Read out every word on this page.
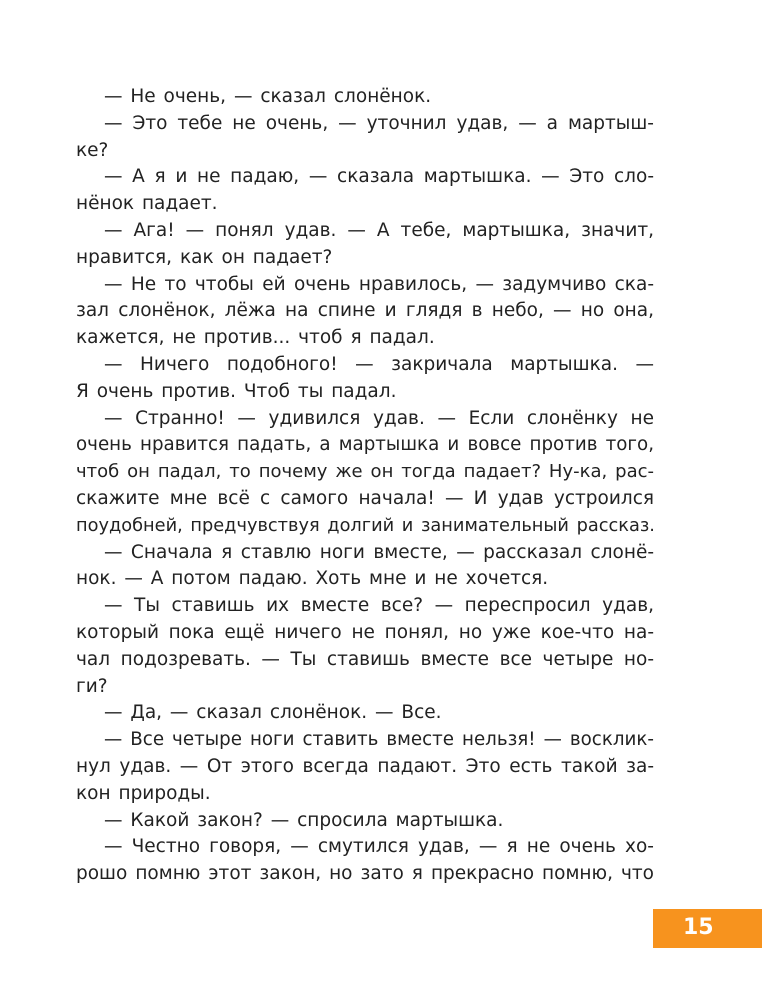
— Не очень, — сказал слонёнок.
— Это тебе не очень, — уточнил удав, — а мартыш-
ке?
— А я и не падаю, — сказала мартышка. — Это сло-
нёнок падает.
— Ага! — понял удав. — А тебе, мартышка, значит,
нравится, как он падает?
— Не то чтобы ей очень нравилось, — задумчиво ска-
зал слонёнок, лёжа на спине и глядя в небо, — но она,
кажется, не против... чтоб я падал.
— Ничего подобного! — закричала мартышка. —
Я очень против. Чтоб ты падал.
— Странно! — удивился удав. — Если слонёнку не
очень нравится падать, а мартышка и вовсе против того,
чтоб он падал, то почему же он тогда падает? Ну-ка, рас-
скажите мне всё с самого начала! — И удав устроился
поудобней, предчувствуя долгий и занимательный рассказ.
— Сначала я ставлю ноги вместе, — рассказал слонё-
нок. — А потом падаю. Хоть мне и не хочется.
— Ты ставишь их вместе все? — переспросил удав,
который пока ещё ничего не понял, но уже кое-что на-
чал подозревать. — Ты ставишь вместе все четыре но-
ги?
— Да, — сказал слонёнок. — Все.
— Все четыре ноги ставить вместе нельзя! — восклик-
нул удав. — От этого всегда падают. Это есть такой за-
кон природы.
— Какой закон? — спросила мартышка.
— Честно говоря, — смутился удав, — я не очень хо-
рошо помню этот закон, но зато я прекрасно помню, что
15
